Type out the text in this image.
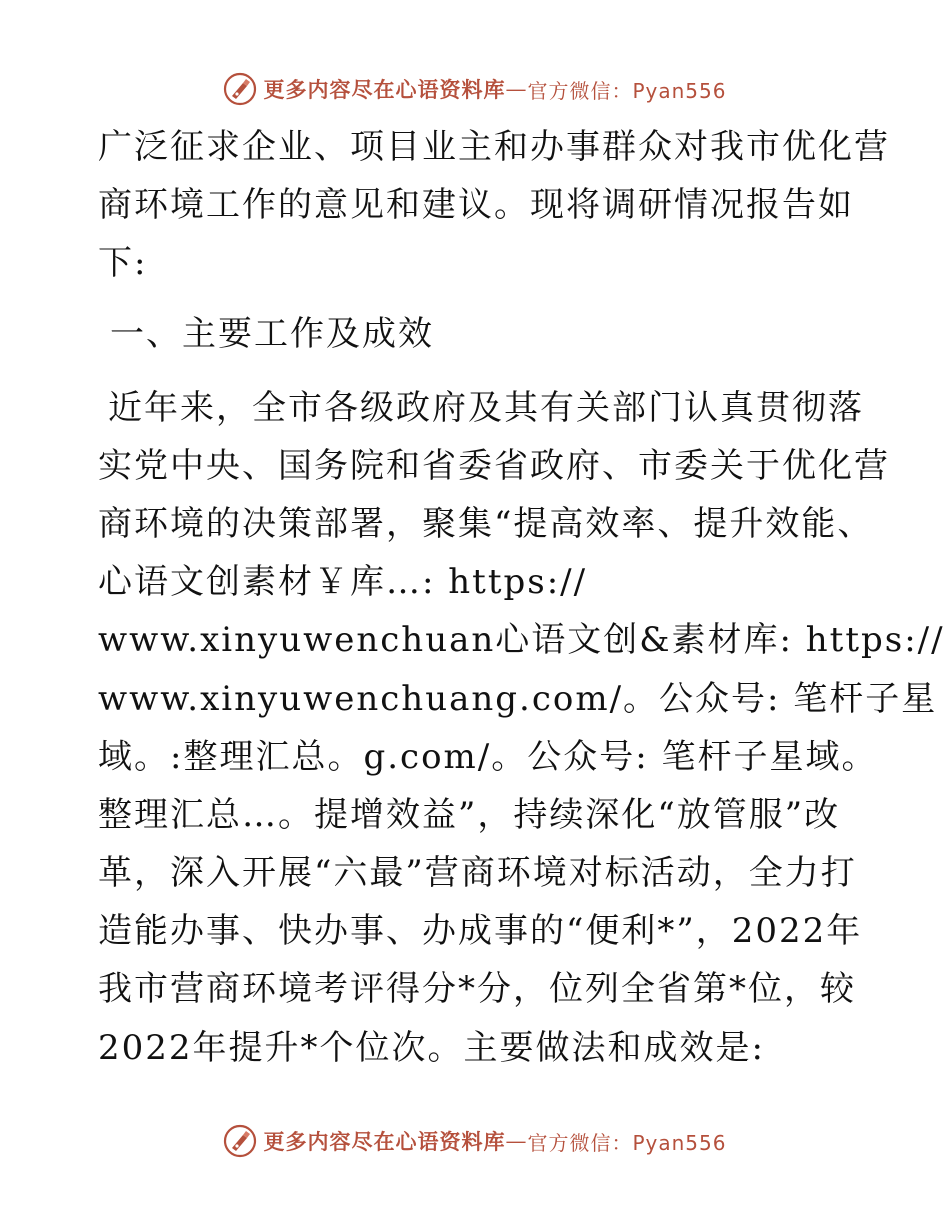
更多内容尽在心语资料库 — 官方微信：Pyan556
广泛征求企业、项目业主和办事群众对我市优化营
商环境工作的意见和建议。现将调研情况报告如
下:
一、主要工作及成效
近年来，全市各级政府及其有关部门认真贯彻落
实党中央、国务院和省委省政府、市委关于优化营
商环境的决策部署，聚集“提高效率、提升效能、
心语文创素材￥库…: https://
www.xinyuwenchuan心语文创&素材库: https://
www.xinyuwenchuang.com/。公众号: 笔杆子星
域。:整理汇总。g.com/。公众号: 笔杆子星域。
整理汇总…。提增效益”，持续深化“放管服”改
革，深入开展“六最”营商环境对标活动，全力打
造能办事、快办事、办成事的“便利*”，2022年
我市营商环境考评得分*分，位列全省第*位，较
2022年提升*个位次。主要做法和成效是:
更多内容尽在心语资料库 — 官方微信：Pyan556
